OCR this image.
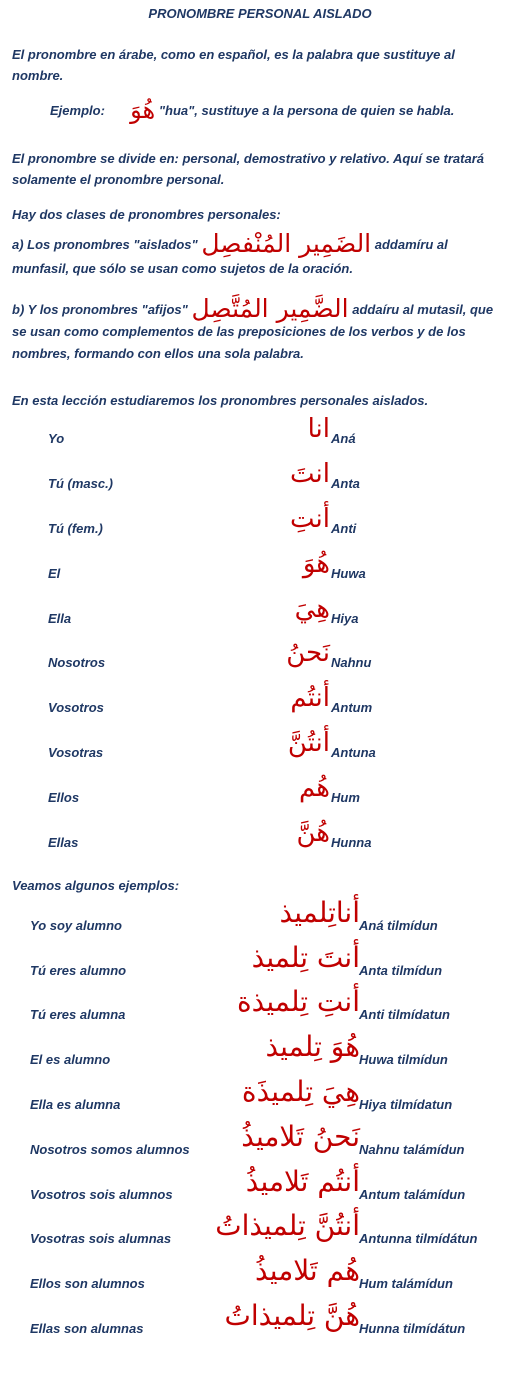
PRONOMBRE PERSONAL AISLADO
El pronombre en árabe, como en español, es la palabra que sustituye al nombre.
Ejemplo: هُوَ "hua", sustituye a la persona de quien se habla.
El pronombre se divide en: personal, demostrativo y relativo. Aquí se tratará solamente el pronombre personal.
Hay dos clases de pronombres personales:
a) Los pronombres "aislados" الضَمِير المُنْفصِل addamíru al munfasil, que sólo se usan como sujetos de la oración.
b) Y los pronombres "afijos" الضَّمِير المُتَّصِل addaíru al mutasil, que se usan como complementos de las preposiciones de los verbos y de los nombres, formando con ellos una sola palabra.
En esta lección estudiaremos los pronombres personales aislados.
Yo	انا Aná
Tú (masc.)	انتَ Anta
Tú (fem.)	أنتِ Anti
El	هُوَ Huwa
Ella	هِيَ Hiya
Nosotros	نَحنُ Nahnu
Vosotros	أنتُم Antum
Vosotras	أنتُنَّ Antuna
Ellos	هُم Hum
Ellas	هُنَّ Hunna
Veamos algunos ejemplos:
Yo soy alumno	أناتِلميذ Aná tilmídun
Tú eres alumno	أنتَ تِلميذ Anta tilmídun
Tú eres alumna	أنتِ تِلميذة Anti tilmídatun
El es alumno	هُوَ تِلميذ Huwa tilmídun
Ella es alumna	هِيَ تِلميذَة Hiya tilmídatun
Nosotros somos alumnos	نَحنُ تَلاميذُ Nahnu talámídun
Vosotros sois alumnos	أنتُم تَلاميذُ Antum talámídun
Vosotras sois alumnas	أنتُنَّ تِلميذاتُ Antunna tilmídátun
Ellos son alumnos	هُم تَلاميذُ Hum talámídun
Ellas son alumnas	هُنَّ تِلميذاتُ Hunna tilmídátun
